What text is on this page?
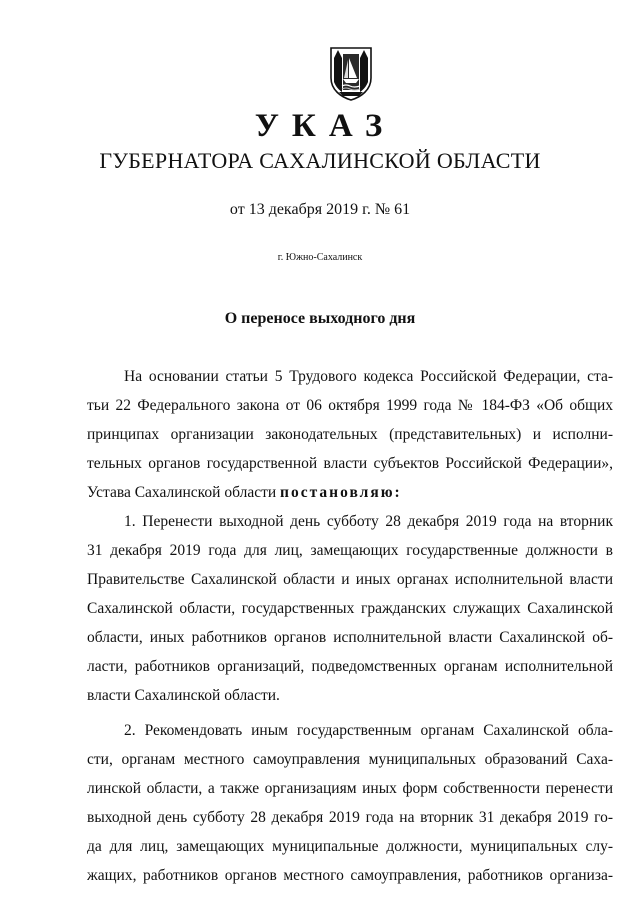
УКАЗ
ГУБЕРНАТОРА САХАЛИНСКОЙ ОБЛАСТИ
от 13 декабря 2019 г. № 61
г. Южно-Сахалинск
О переносе выходного дня
На основании статьи 5 Трудового кодекса Российской Федерации, ста-
тьи 22 Федерального закона от 06 октября 1999 года № 184-ФЗ «Об общих
принципах организации законодательных (представительных) и исполни-
тельных органов государственной власти субъектов Российской Федерации»,
Устава Сахалинской области постановляю:
1. Перенести выходной день субботу 28 декабря 2019 года на вторник
31 декабря 2019 года для лиц, замещающих государственные должности в
Правительстве Сахалинской области и иных органах исполнительной власти
Сахалинской области, государственных гражданских служащих Сахалинской
области, иных работников органов исполнительной власти Сахалинской об-
ласти, работников организаций, подведомственных органам исполнительной
власти Сахалинской области.
2. Рекомендовать иным государственным органам Сахалинской обла-
сти, органам местного самоуправления муниципальных образований Саха-
линской области, а также организациям иных форм собственности перенести
выходной день субботу 28 декабря 2019 года на вторник 31 декабря 2019 го-
да для лиц, замещающих муниципальные должности, муниципальных слу-
жащих, работников органов местного самоуправления, работников организа-
